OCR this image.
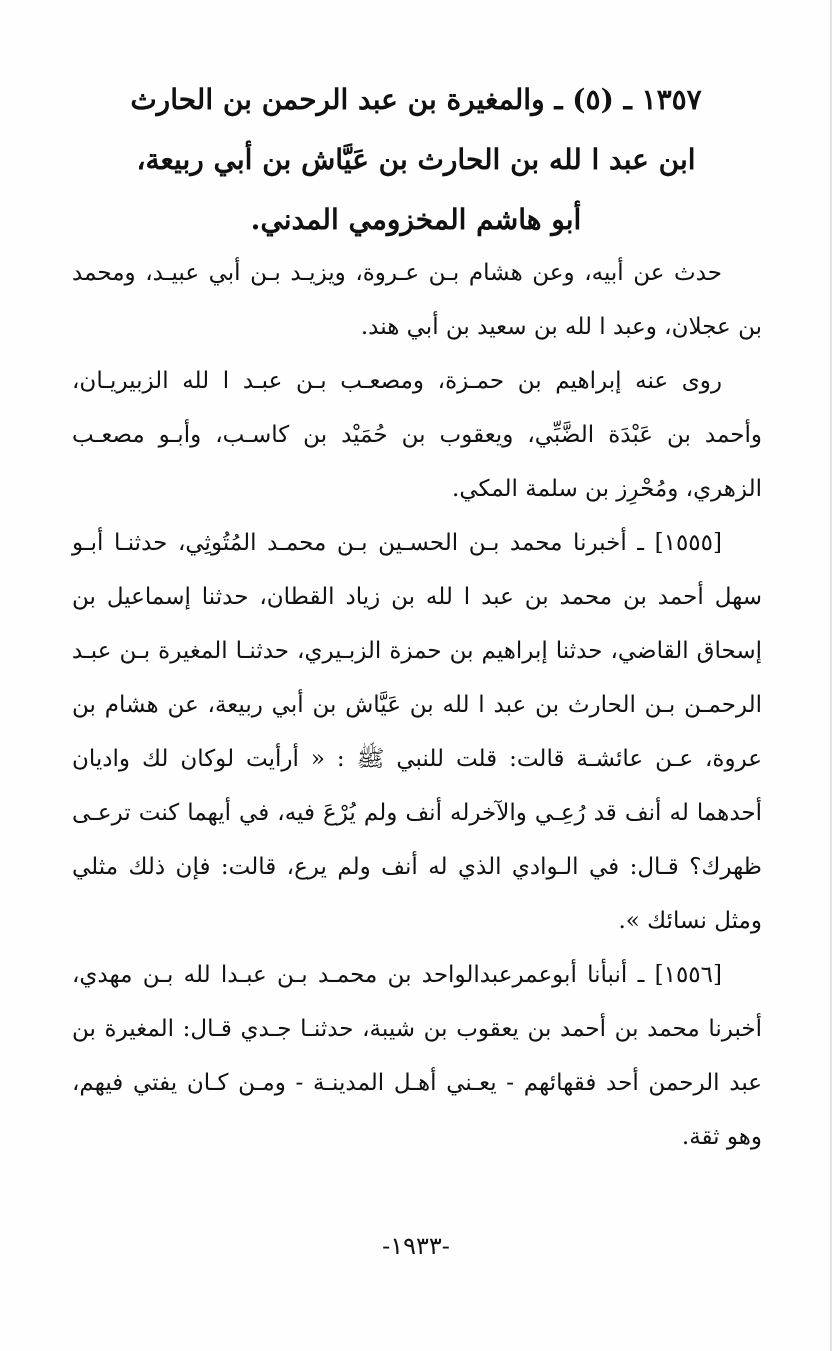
١٣٥٧ ـ (٥) ـ والمغيرة بن عبد الرحمن بن الحارث
ابن عبد ا لله بن الحارث بن عَيَّاش بن أبي ربيعة،
أبو هاشم المخزومي المدني.

حدث عن أبيه، وعن هشام بـن عـروة، ويزيـد بـن أبي عبيـد، ومحمد بن عجلان، وعبد ا لله بن سعيد بن أبي هند.

روى عنه إبراهيم بن حمـزة، ومصعـب بـن عبـد ا لله الزبيريـان، وأحمد بن عَبْدَة الضَّبِّي، ويعقوب بن حُمَيْد بن كاسـب، وأبـو مصعـب الزهري، ومُحْرِز بن سلمة المكي.

[١٥٥٥] ـ أخبرنا محمد بـن الحسـين بـن محمـد المُتُوثِي، حدثنـا أبـو سهل أحمد بن محمد بن عبد ا لله بن زياد القطان، حدثنا إسماعيل بن إسحاق القاضي، حدثنا إبراهيم بن حمزة الزبـيري، حدثنـا المغيرة بـن عبـد الرحمـن بـن الحارث بن عبد ا لله بن عَيَّاش بن أبي ربيعة، عن هشام بن عروة، عـن عائشـة قالت: قلت للنبي ﷺ : « أرأيت لوكان لك واديان أحدهما له أنف قد رُعِـي والآخرله أنف ولم يُرْعَ فيه، في أيهما كنت ترعـى ظهرك؟ قـال: في الـوادي الذي له أنف ولم يرع، قالت: فإن ذلك مثلي ومثل نسائك ».

[١٥٥٦] ـ أنبأنا أبوعمرعبدالواحد بن محمـد بـن عبـدا لله بـن مهدي، أخبرنا محمد بن أحمد بن يعقوب بن شيبة، حدثنـا جـدي قـال: المغيرة بن عبد الرحمن أحد فقهائهم - يعـني أهـل المدينـة - ومـن كـان يفتي فيهم، وهو ثقة.

-١٩٣٣-
